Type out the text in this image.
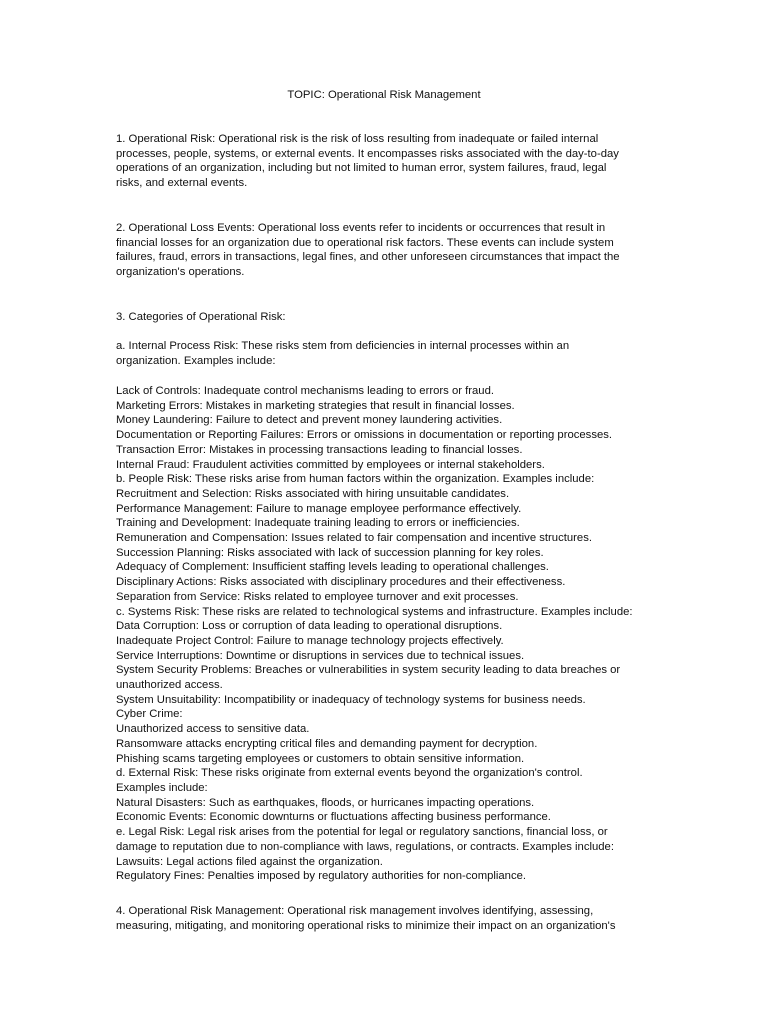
TOPIC: Operational Risk Management

1. Operational Risk: Operational risk is the risk of loss resulting from inadequate or failed internal
processes, people, systems, or external events. It encompasses risks associated with the day-to-day
operations of an organization, including but not limited to human error, system failures, fraud, legal
risks, and external events.

2. Operational Loss Events: Operational loss events refer to incidents or occurrences that result in
financial losses for an organization due to operational risk factors. These events can include system
failures, fraud, errors in transactions, legal fines, and other unforeseen circumstances that impact the
organization's operations.

3. Categories of Operational Risk:

a. Internal Process Risk: These risks stem from deficiencies in internal processes within an
organization. Examples include:

Lack of Controls: Inadequate control mechanisms leading to errors or fraud.
Marketing Errors: Mistakes in marketing strategies that result in financial losses.
Money Laundering: Failure to detect and prevent money laundering activities.
Documentation or Reporting Failures: Errors or omissions in documentation or reporting processes.
Transaction Error: Mistakes in processing transactions leading to financial losses.
Internal Fraud: Fraudulent activities committed by employees or internal stakeholders.
b. People Risk: These risks arise from human factors within the organization. Examples include:
Recruitment and Selection: Risks associated with hiring unsuitable candidates.
Performance Management: Failure to manage employee performance effectively.
Training and Development: Inadequate training leading to errors or inefficiencies.
Remuneration and Compensation: Issues related to fair compensation and incentive structures.
Succession Planning: Risks associated with lack of succession planning for key roles.
Adequacy of Complement: Insufficient staffing levels leading to operational challenges.
Disciplinary Actions: Risks associated with disciplinary procedures and their effectiveness.
Separation from Service: Risks related to employee turnover and exit processes.
c. Systems Risk: These risks are related to technological systems and infrastructure. Examples include:
Data Corruption: Loss or corruption of data leading to operational disruptions.
Inadequate Project Control: Failure to manage technology projects effectively.
Service Interruptions: Downtime or disruptions in services due to technical issues.
System Security Problems: Breaches or vulnerabilities in system security leading to data breaches or
unauthorized access.
System Unsuitability: Incompatibility or inadequacy of technology systems for business needs.
Cyber Crime:
Unauthorized access to sensitive data.
Ransomware attacks encrypting critical files and demanding payment for decryption.
Phishing scams targeting employees or customers to obtain sensitive information.
d. External Risk: These risks originate from external events beyond the organization's control.
Examples include:
Natural Disasters: Such as earthquakes, floods, or hurricanes impacting operations.
Economic Events: Economic downturns or fluctuations affecting business performance.
e. Legal Risk: Legal risk arises from the potential for legal or regulatory sanctions, financial loss, or
damage to reputation due to non-compliance with laws, regulations, or contracts. Examples include:
Lawsuits: Legal actions filed against the organization.
Regulatory Fines: Penalties imposed by regulatory authorities for non-compliance.

4. Operational Risk Management: Operational risk management involves identifying, assessing,
measuring, mitigating, and monitoring operational risks to minimize their impact on an organization's
